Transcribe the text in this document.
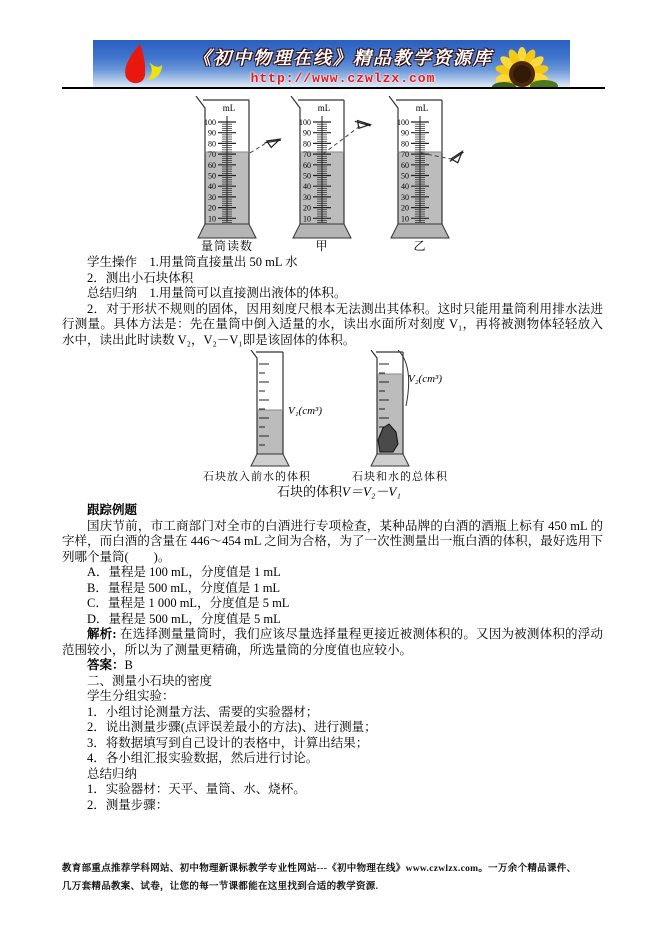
《初中物理在线》精品教学资源库
http://www.czwlzx.com
mL
100
90
80
70
60
50
40
30
20
10
mL
100
90
80
70
60
50
40
30
20
10
mL
100
90
80
70
60
50
40
30
20
10
量筒读数	甲	乙

学生操作　1.用量筒直接量出 50 mL 水

2．测出小石块体积

总结归纳　1.用量筒可以直接测出液体的体积。

2．对于形状不规则的固体，因用刻度尺根本无法测出其体积。这时只能用量筒利用排水法进行测量。具体方法是：先在量筒中倒入适量的水，读出水面所对刻度 V₁，再将被测物体轻轻放入水中，读出此时读数 V₂，V₂－V₁即是该固体的体积。

V₁(cm³)
V₂(cm³)
石块放入前水的体积	石块和水的总体积
石块的体积V＝V₂－V₁

跟踪例题

国庆节前，市工商部门对全市的白酒进行专项检查，某种品牌的白酒的酒瓶上标有 450 mL 的字样，而白酒的含量在 446～454 mL 之间为合格，为了一次性测量出一瓶白酒的体积，最好选用下列哪个量筒(　　)。

A．量程是 100 mL，分度值是 1 mL

B．量程是 500 mL，分度值是 1 mL

C．量程是 1 000 mL，分度值是 5 mL

D．量程是 500 mL，分度值是 5 mL

解析: 在选择测量量筒时，我们应该尽量选择量程更接近被测体积的。又因为被测体积的浮动范围较小，所以为了测量更精确，所选量筒的分度值也应较小。

答案：B

二、测量小石块的密度

学生分组实验：

1．小组讨论测量方法、需要的实验器材；

2．说出测量步骤(点评误差最小的方法)、进行测量；

3．将数据填写到自己设计的表格中，计算出结果；

4．各小组汇报实验数据，然后进行讨论。

总结归纳

1．实验器材：天平、量筒、水、烧杯。

2．测量步骤：

教育部重点推荐学科网站、初中物理新课标教学专业性网站---《初中物理在线》www.czwlzx.com。一万余个精品课件、

几万套精品教案、试卷，让您的每一节课都能在这里找到合适的教学资源.
